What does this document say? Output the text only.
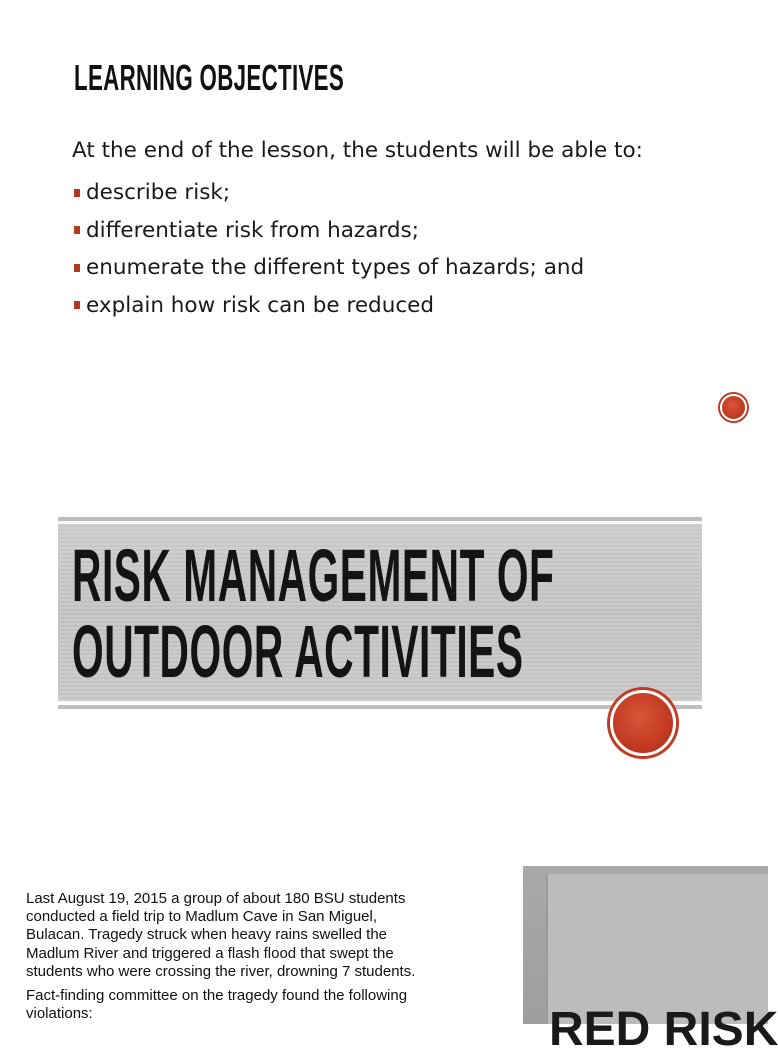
LEARNING OBJECTIVES
At the end of the lesson, the students will be able to:
describe risk;
differentiate risk from hazards;
enumerate the different types of hazards; and
explain how risk can be reduced
RISK MANAGEMENT OF
OUTDOOR ACTIVITIES

Last August 19, 2015 a group of about 180 BSU students
conducted a field trip to Madlum Cave in San Miguel,
Bulacan. Tragedy struck when heavy rains swelled the
Madlum River and triggered a flash flood that swept the
students who were crossing the river, drowning 7 students.

Fact-finding committee on the tragedy found the following
violations:	RED RISK
